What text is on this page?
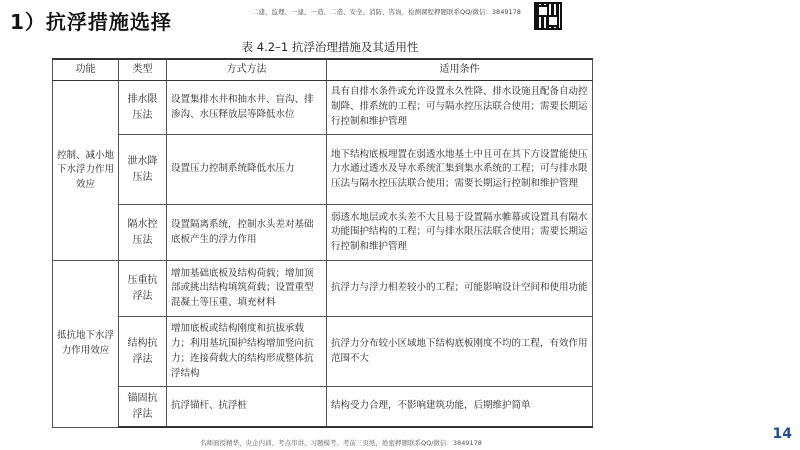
1）抗浮措施选择	二建、监理、一建、一造、二造、安全、消防、咨询、检测课程押题联系QQ/微信：3849178
表 4.2–1 抗浮治理措施及其适用性
功能	类型	方式方法	适用条件
控制、减小地下水浮力作用效应	排水限压法	设置集排水井和抽水井、盲沟、排渗沟、水压释放层等降低水位	具有自排水条件或允许设置永久性降、排水设施且配备自动控制降、排系统的工程；可与隔水控压法联合使用；需要长期运行控制和维护管理
	泄水降压法	设置压力控制系统降低水压力	地下结构底板埋置在弱透水地基土中且可在其下方设置能使压力水通过透水及导水系统汇集到集水系统的工程；可与排水限压法与隔水控压法联合使用；需要长期运行控制和维护管理
	隔水控压法	设置隔离系统，控制水头差对基础底板产生的浮力作用	弱透水地层或水头差不大且易于设置隔水帷幕或设置具有隔水功能围护结构的工程；可与排水限压法联合使用；需要长期运行控制和维护管理
抵抗地下水浮力作用效应	压重抗浮法	增加基础底板及结构荷载；增加顶部或挑出结构填筑荷载；设置重型混凝土等压重、填充材料	抗浮力与浮力相差较小的工程；可能影响设计空间和使用功能
	结构抗浮法	增加底板或结构刚度和抗拔承载力；利用基坑围护结构增加竖向抗力；连接荷载大的结构形成整体抗浮结构	抗浮力分布较小区域地下结构底板刚度不均的工程，有效作用范围不大
	锚固抗浮法	抗浮锚杆、抗浮桩	结构受力合理，不影响建筑功能，后期维护简单
名师面授精华、央企内训、考点串讲、习题模考、考前三页纸，绝密押题联系QQ/微信：3849178
14
